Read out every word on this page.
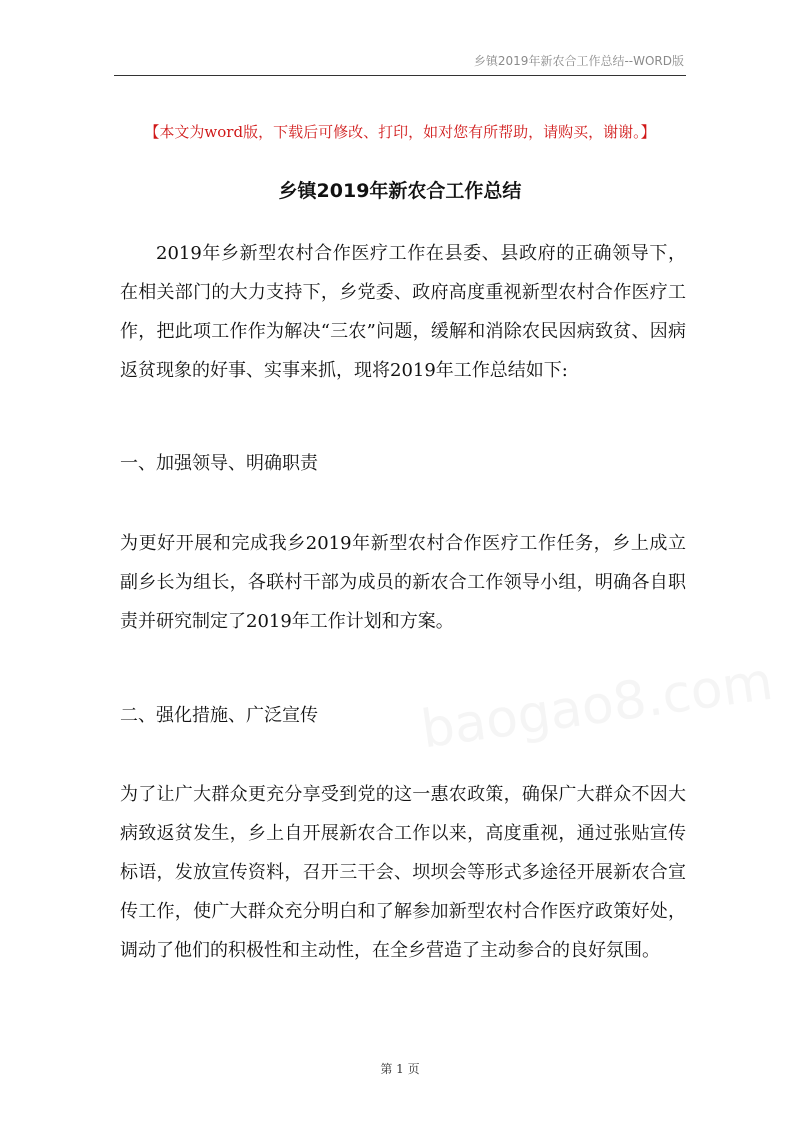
乡镇2019年新农合工作总结--WORD版
【本文为word版，下载后可修改、打印，如对您有所帮助，请购买，谢谢。】
乡镇2019年新农合工作总结
2019年乡新型农村合作医疗工作在县委、县政府的正确领导下，在相关部门的大力支持下，乡党委、政府高度重视新型农村合作医疗工作，把此项工作作为解决“三农”问题，缓解和消除农民因病致贫、因病返贫现象的好事、实事来抓，现将2019年工作总结如下:
一、加强领导、明确职责
为更好开展和完成我乡2019年新型农村合作医疗工作任务，乡上成立副乡长为组长，各联村干部为成员的新农合工作领导小组，明确各自职责并研究制定了2019年工作计划和方案。
baogao8.com
二、强化措施、广泛宣传
为了让广大群众更充分享受到党的这一惠农政策，确保广大群众不因大病致返贫发生，乡上自开展新农合工作以来，高度重视，通过张贴宣传标语，发放宣传资料，召开三干会、坝坝会等形式多途径开展新农合宣传工作，使广大群众充分明白和了解参加新型农村合作医疗政策好处，调动了他们的积极性和主动性，在全乡营造了主动参合的良好氛围。
第 1 页
